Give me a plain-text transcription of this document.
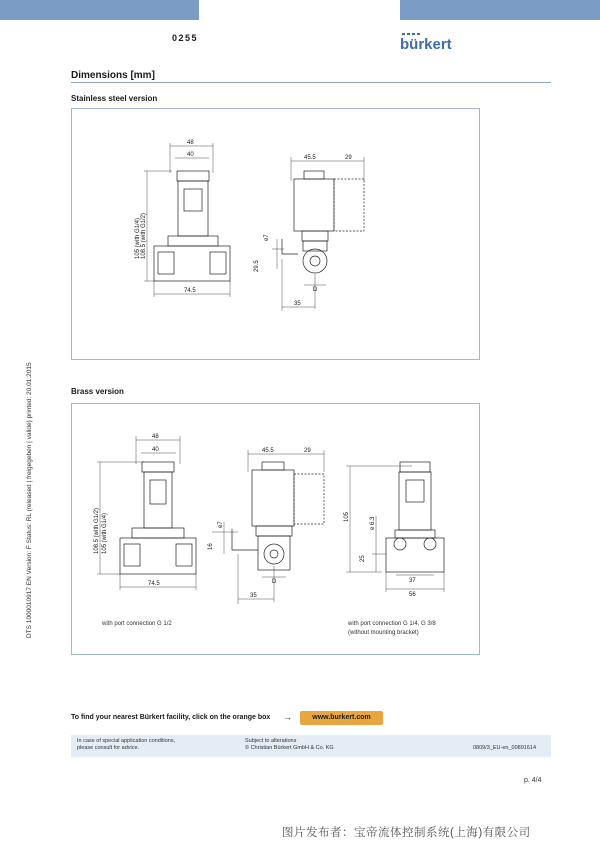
0255	bürkert
Dimensions [mm]
DTS 1000010917 EN Version: F Status: RL (released | freigegeben | validé) printed: 20.01.2015
Stainless steel version
48
40
74.5
105 (with G1/4) 108.5 (with G1/2)
45.5	29
e7
29.5
35
D
Brass version
48
40
74.5
108.5 (with G1/2) 105 (with G1/4)
45.5	29
e7
16
35
D
105	e 6.3
25
37
56
with port connection G 1/2	with port connection G 1/4, G 3/8
(without mounting bracket)
To find your nearest Bürkert facility, click on the orange box →	www.burkert.com
In case of special application conditions,
please consult for advice.
Subject to alterations
© Christian Bürkert GmbH & Co. KG	0809/3_EU-en_00891614
p. 4/4
图片发布者：宝帝流体控制系统(上海)有限公司
